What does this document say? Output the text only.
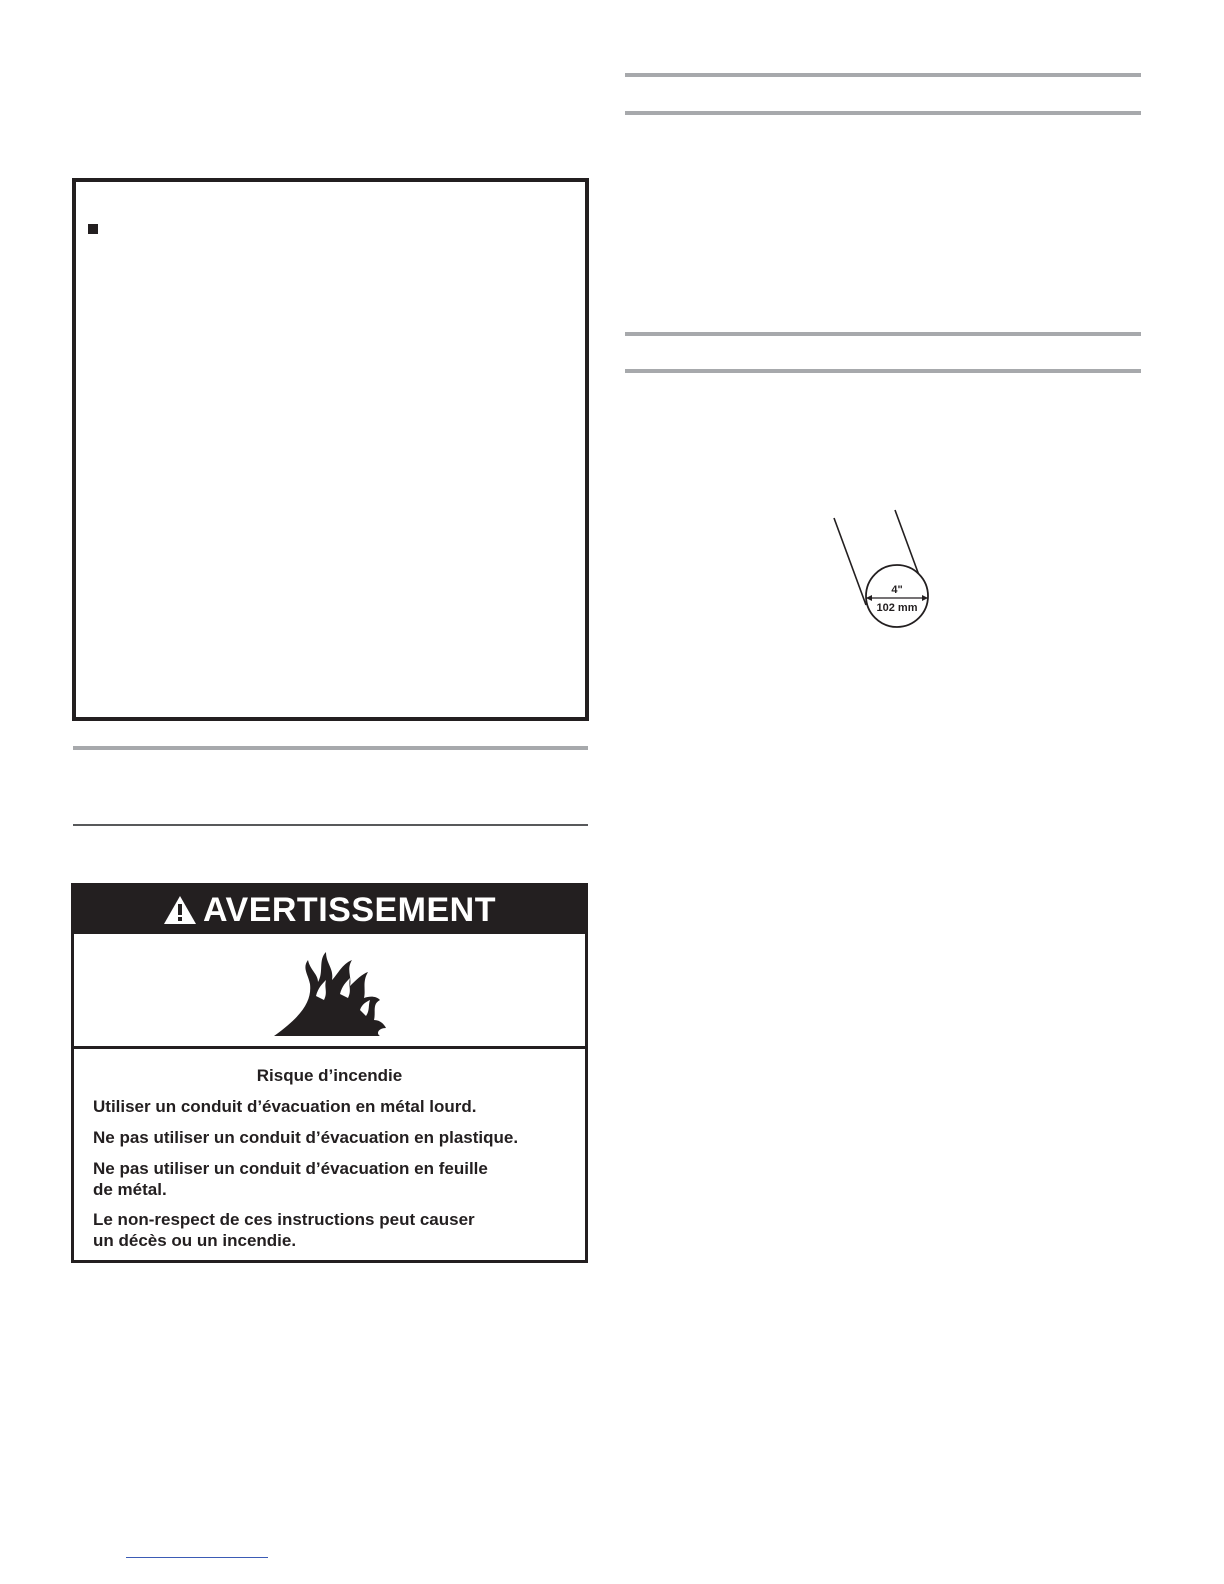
AVERTISSEMENT
Risque d’incendie
Utiliser un conduit d’évacuation en métal lourd.
Ne pas utiliser un conduit d’évacuation en plastique.
Ne pas utiliser un conduit d’évacuation en feuille
de métal.
Le non-respect de ces instructions peut causer
un décès ou un incendie.
4"
102 mm
